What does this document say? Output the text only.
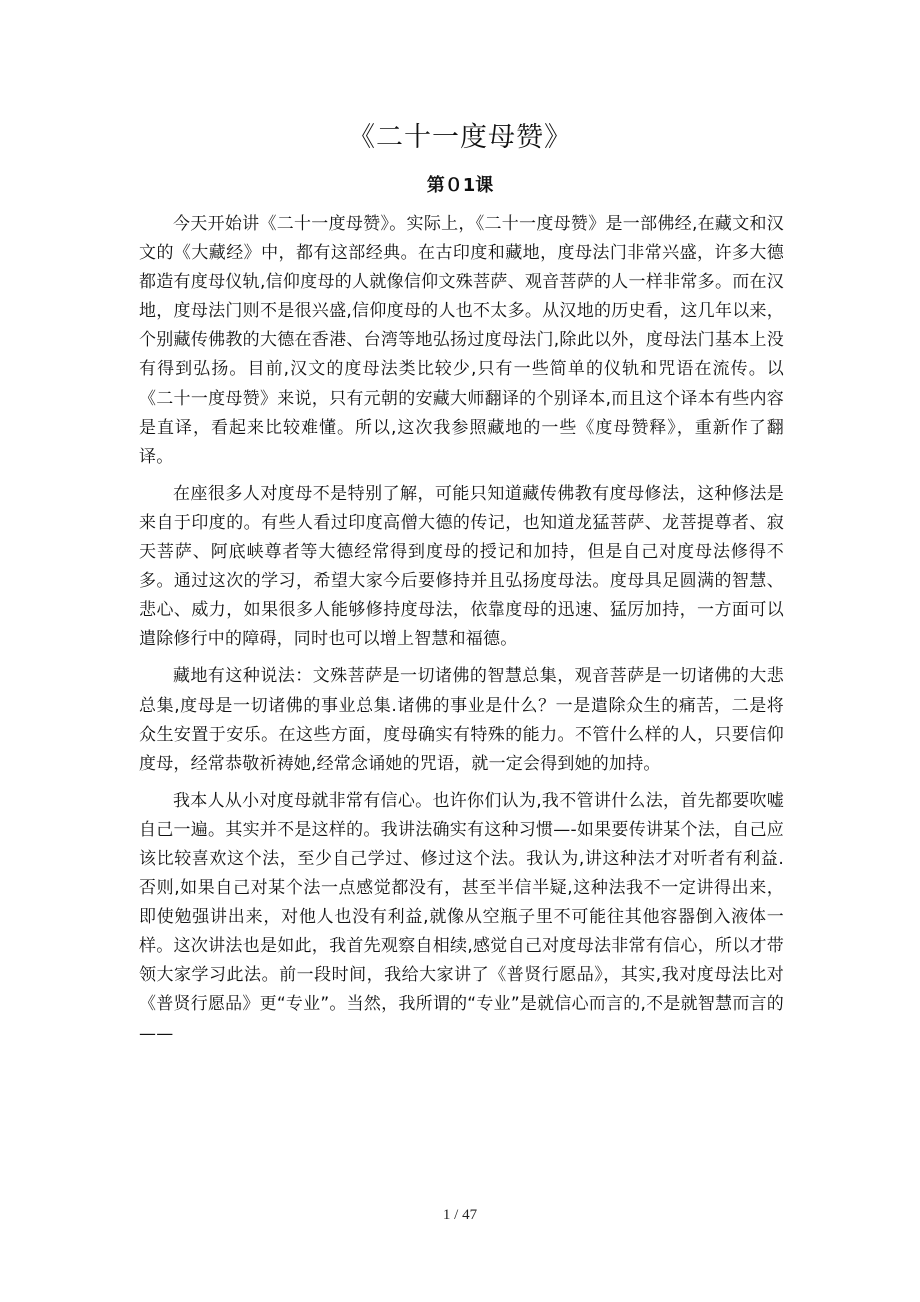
《二十一度母赞》
第０1课

今天开始讲《二十一度母赞》。实际上，《二十一度母赞》是一部佛经,在藏文和汉文的《大藏经》中，都有这部经典。在古印度和藏地，度母法门非常兴盛，许多大德都造有度母仪轨,信仰度母的人就像信仰文殊菩萨、观音菩萨的人一样非常多。而在汉地，度母法门则不是很兴盛,信仰度母的人也不太多。从汉地的历史看，这几年以来，个别藏传佛教的大德在香港、台湾等地弘扬过度母法门,除此以外，度母法门基本上没有得到弘扬。目前,汉文的度母法类比较少,只有一些简单的仪轨和咒语在流传。以《二十一度母赞》来说，只有元朝的安藏大师翻译的个别译本,而且这个译本有些内容是直译，看起来比较难懂。所以,这次我参照藏地的一些《度母赞释》，重新作了翻译。

在座很多人对度母不是特别了解，可能只知道藏传佛教有度母修法，这种修法是来自于印度的。有些人看过印度高僧大德的传记，也知道龙猛菩萨、龙菩提尊者、寂天菩萨、阿底峡尊者等大德经常得到度母的授记和加持，但是自己对度母法修得不多。通过这次的学习，希望大家今后要修持并且弘扬度母法。度母具足圆满的智慧、悲心、威力，如果很多人能够修持度母法，依靠度母的迅速、猛厉加持，一方面可以遣除修行中的障碍，同时也可以增上智慧和福德。

藏地有这种说法：文殊菩萨是一切诸佛的智慧总集，观音菩萨是一切诸佛的大悲总集,度母是一切诸佛的事业总集.诸佛的事业是什么？一是遣除众生的痛苦，二是将众生安置于安乐。在这些方面，度母确实有特殊的能力。不管什么样的人，只要信仰度母，经常恭敬祈祷她,经常念诵她的咒语，就一定会得到她的加持。

我本人从小对度母就非常有信心。也许你们认为,我不管讲什么法，首先都要吹嘘自己一遍。其实并不是这样的。我讲法确实有这种习惯—-如果要传讲某个法，自己应该比较喜欢这个法，至少自己学过、修过这个法。我认为,讲这种法才对听者有利益.否则,如果自己对某个法一点感觉都没有，甚至半信半疑,这种法我不一定讲得出来，即使勉强讲出来，对他人也没有利益,就像从空瓶子里不可能往其他容器倒入液体一样。这次讲法也是如此，我首先观察自相续,感觉自己对度母法非常有信心，所以才带领大家学习此法。前一段时间，我给大家讲了《普贤行愿品》，其实,我对度母法比对《普贤行愿品》更“专业”。当然，我所谓的“专业”是就信心而言的,不是就智慧而言的——

1 / 47
